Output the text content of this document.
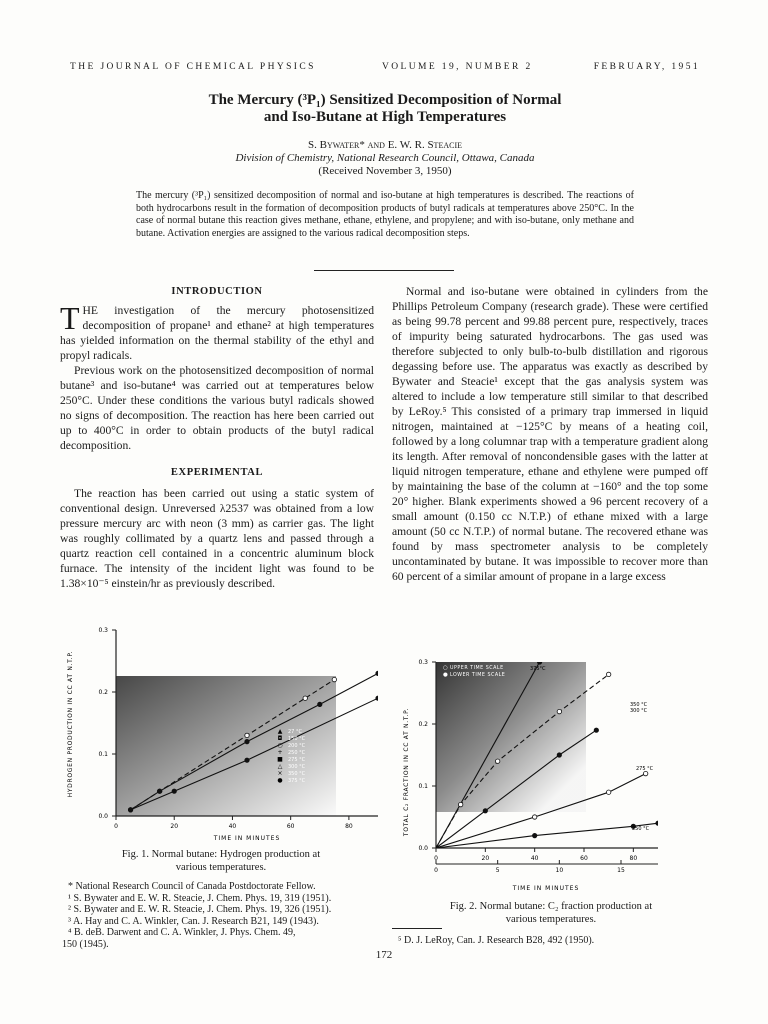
THE JOURNAL OF CHEMICAL PHYSICS	VOLUME 19, NUMBER 2	FEBRUARY, 1951
The Mercury (³P₁) Sensitized Decomposition of Normal
and Iso-Butane at High Temperatures
S. Bywater* and E. W. R. Steacie
Division of Chemistry, National Research Council, Ottawa, Canada
(Received November 3, 1950)
The mercury (³P₁) sensitized decomposition of normal and iso-butane at high temperatures is described. The reactions of both hydrocarbons result in the formation of decomposition products of butyl radicals at temperatures above 250°C. In the case of normal butane this reaction gives methane, ethane, ethylene, and propylene; and with iso-butane, only methane and butane. Activation energies are assigned to the various radical decomposition steps.
INTRODUCTION
THE investigation of the mercury photosensitized decomposition of propane¹ and ethane² at high temperatures has yielded information on the thermal stability of the ethyl and propyl radicals.

Previous work on the photosensitized decomposition of normal butane³ and iso-butane⁴ was carried out at temperatures below 250°C. Under these conditions the various butyl radicals showed no signs of decomposition. The reaction has here been carried out up to 400°C in order to obtain products of the butyl radical decomposition.

EXPERIMENTAL

The reaction has been carried out using a static system of conventional design. Unreversed λ2537 was obtained from a low pressure mercury arc with neon (3 mm) as carrier gas. The light was roughly collimated by a quartz lens and passed through a quartz reaction cell contained in a concentric aluminum block furnace. The intensity of the incident light was found to be 1.38×10⁻⁵ einstein/hr as previously described.

Normal and iso-butane were obtained in cylinders from the Phillips Petroleum Company (research grade). These were certified as being 99.78 percent and 99.88 percent pure, respectively, traces of impurity being saturated hydrocarbons. The gas used was therefore subjected to only bulb-to-bulb distillation and rigorous degassing before use. The apparatus was exactly as described by Bywater and Steacie¹ except that the gas analysis system was altered to include a low temperature still similar to that described by LeRoy.⁵ This consisted of a primary trap immersed in liquid nitrogen, maintained at −125°C by means of a heating coil, followed by a long columnar trap with a temperature gradient along its length. After removal of noncondensible gases with the latter at liquid nitrogen temperature, ethane and ethylene were pumped off by maintaining the base of the column at −160° and the top some 20° higher. Blank experiments showed a 96 percent recovery of a small amount (0.150 cc N.T.P.) of ethane mixed with a large amount (50 cc N.T.P.) of normal butane. The recovered ethane was found by mass spectrometer analysis to be completely uncontaminated by butane. It was impossible to recover more than 60 percent of a similar amount of propane in a large excess

0.0
0.1
0.2
0.3
0	20	40	60	80
▲ 27 °C
◘ 150 °C
○ 200 °C
+ 250 °C
■ 275 °C
△ 300 °C
× 350 °C
● 375 °C
HYDROGEN PRODUCTION IN CC AT N.T.P.
TIME IN MINUTES
Fig. 1. Normal butane: Hydrogen production at
various temperatures.
0.0
0.1
0.2
0.3
0	20	40	60	80
0	5	10	15
○ UPPER TIME SCALE
● LOWER TIME SCALE
375°C
350 °C
300 °C
275 °C
250 °C
TOTAL C₂ FRACTION IN CC AT N.T.P.
TIME IN MINUTES
Fig. 2. Normal butane: C₂ fraction production at
various temperatures.
* National Research Council of Canada Postdoctorate Fellow.
¹ S. Bywater and E. W. R. Steacie, J. Chem. Phys. 19, 319 (1951).
² S. Bywater and E. W. R. Steacie, J. Chem. Phys. 19, 326 (1951).
³ A. Hay and C. A. Winkler, Can. J. Research B21, 149 (1943).
⁴ B. deB. Darwent and C. A. Winkler, J. Phys. Chem. 49,
150 (1945).	⁵ D. J. LeRoy, Can. J. Research B28, 492 (1950).
172
